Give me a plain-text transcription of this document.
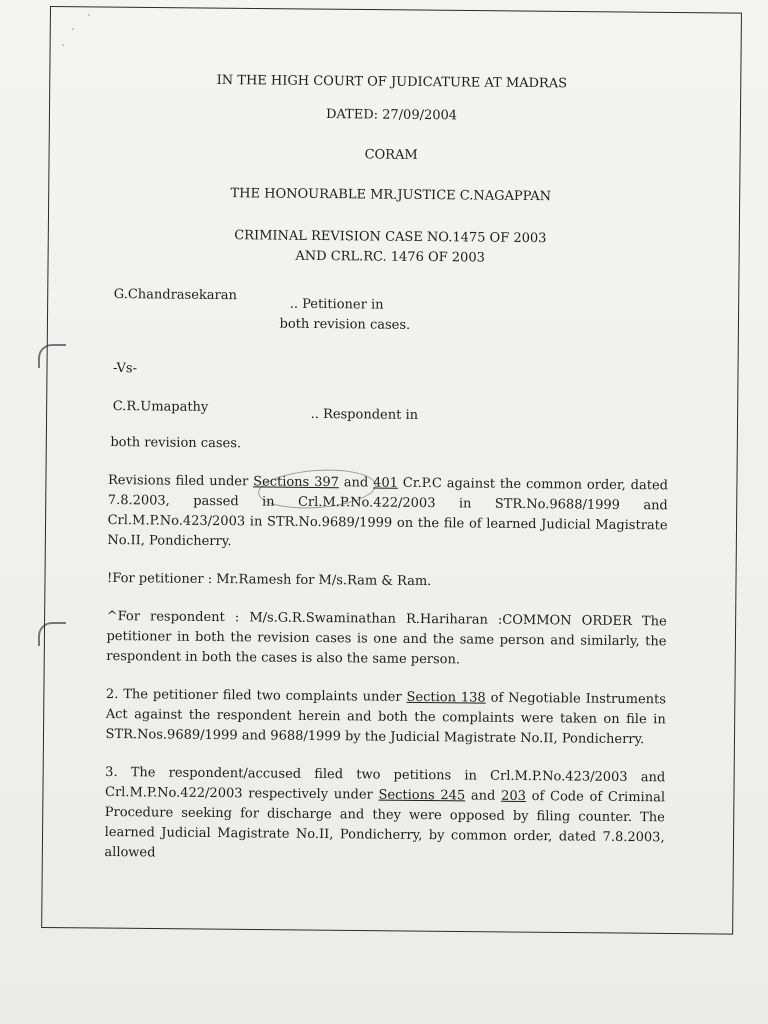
IN THE HIGH COURT OF JUDICATURE AT MADRAS
DATED: 27/09/2004
CORAM
THE HONOURABLE MR.JUSTICE C.NAGAPPAN
CRIMINAL REVISION CASE NO.1475 OF 2003
AND CRL.RC. 1476 OF 2003
G.Chandrasekaran
.. Petitioner in
both revision cases.
-Vs-
C.R.Umapathy	.. Respondent in
both revision cases.
Revisions filed under Sections 397 and 401 Cr.P.C against the common order, dated 7.8.2003, passed in Crl.M.P.No.422/2003 in STR.No.9688/1999 and Crl.M.P.No.423/2003 in STR.No.9689/1999 on the file of learned Judicial Magistrate No.II, Pondicherry.
!For petitioner : Mr.Ramesh for M/s.Ram & Ram.
^For respondent : M/s.G.R.Swaminathan R.Hariharan :COMMON ORDER The petitioner in both the revision cases is one and the same person and similarly, the respondent in both the cases is also the same person.
2. The petitioner filed two complaints under Section 138 of Negotiable Instruments Act against the respondent herein and both the complaints were taken on file in STR.Nos.9689/1999 and 9688/1999 by the Judicial Magistrate No.II, Pondicherry.
3. The respondent/accused filed two petitions in Crl.M.P.No.423/2003 and Crl.M.P.No.422/2003 respectively under Sections 245 and 203 of Code of Criminal Procedure seeking for discharge and they were opposed by filing counter. The learned Judicial Magistrate No.II, Pondicherry, by common order, dated 7.8.2003, allowed
